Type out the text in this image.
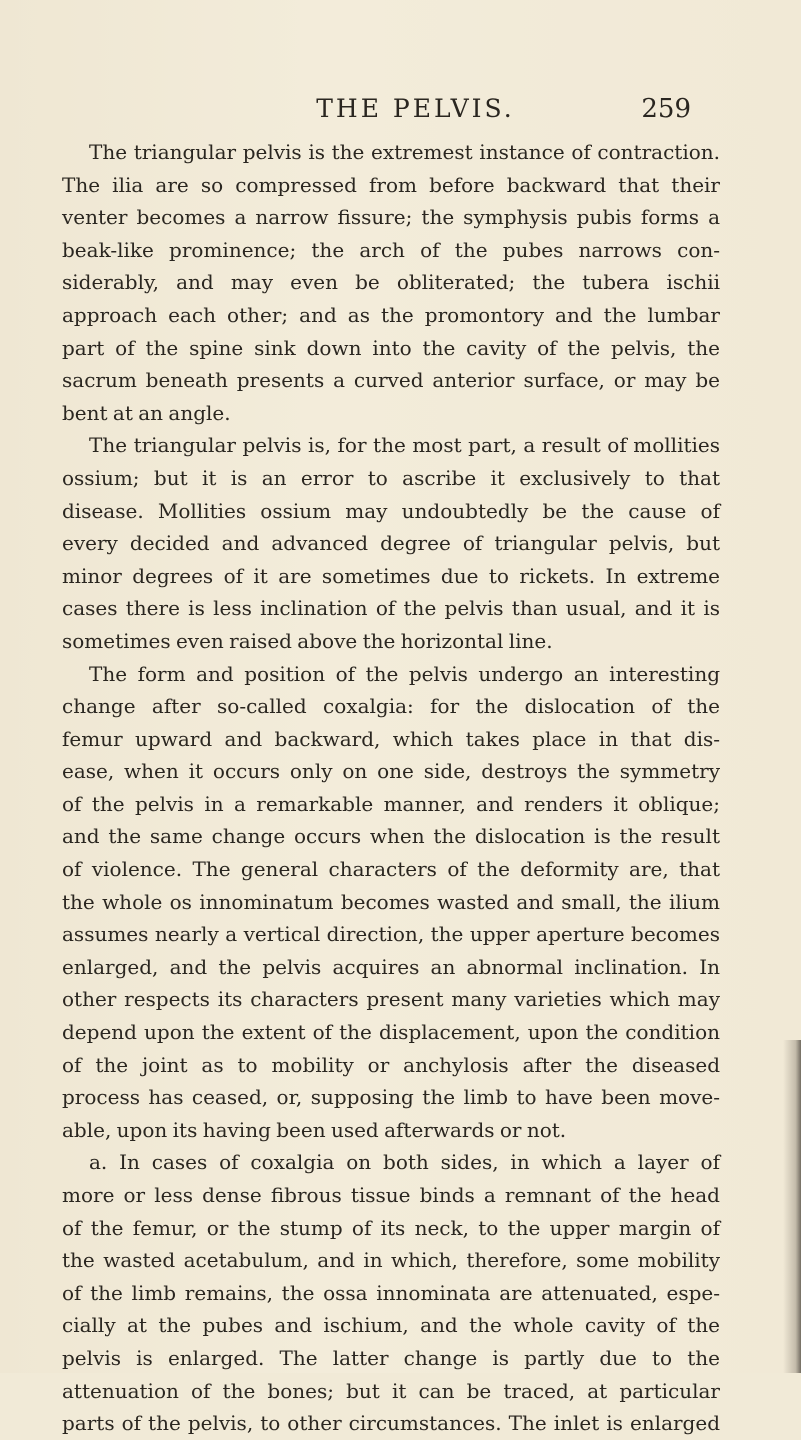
THE PELVIS.	259
The triangular pelvis is the extremest instance of contraction.
The ilia are so compressed from before backward that their
venter becomes a narrow fissure; the symphysis pubis forms a
beak-like prominence; the arch of the pubes narrows con-
siderably, and may even be obliterated; the tubera ischii
approach each other; and as the promontory and the lumbar
part of the spine sink down into the cavity of the pelvis, the
sacrum beneath presents a curved anterior surface, or may be
bent at an angle.
The triangular pelvis is, for the most part, a result of mollities
ossium; but it is an error to ascribe it exclusively to that
disease. Mollities ossium may undoubtedly be the cause of
every decided and advanced degree of triangular pelvis, but
minor degrees of it are sometimes due to rickets. In extreme
cases there is less inclination of the pelvis than usual, and it is
sometimes even raised above the horizontal line.
The form and position of the pelvis undergo an interesting
change after so-called coxalgia: for the dislocation of the
femur upward and backward, which takes place in that dis-
ease, when it occurs only on one side, destroys the symmetry
of the pelvis in a remarkable manner, and renders it oblique;
and the same change occurs when the dislocation is the result
of violence. The general characters of the deformity are, that
the whole os innominatum becomes wasted and small, the ilium
assumes nearly a vertical direction, the upper aperture becomes
enlarged, and the pelvis acquires an abnormal inclination. In
other respects its characters present many varieties which may
depend upon the extent of the displacement, upon the condition
of the joint as to mobility or anchylosis after the diseased
process has ceased, or, supposing the limb to have been move-
able, upon its having been used afterwards or not.
a. In cases of coxalgia on both sides, in which a layer of
more or less dense fibrous tissue binds a remnant of the head
of the femur, or the stump of its neck, to the upper margin of
the wasted acetabulum, and in which, therefore, some mobility
of the limb remains, the ossa innominata are attenuated, espe-
cially at the pubes and ischium, and the whole cavity of the
pelvis is enlarged. The latter change is partly due to the
attenuation of the bones; but it can be traced, at particular
parts of the pelvis, to other circumstances. The inlet is enlarged
